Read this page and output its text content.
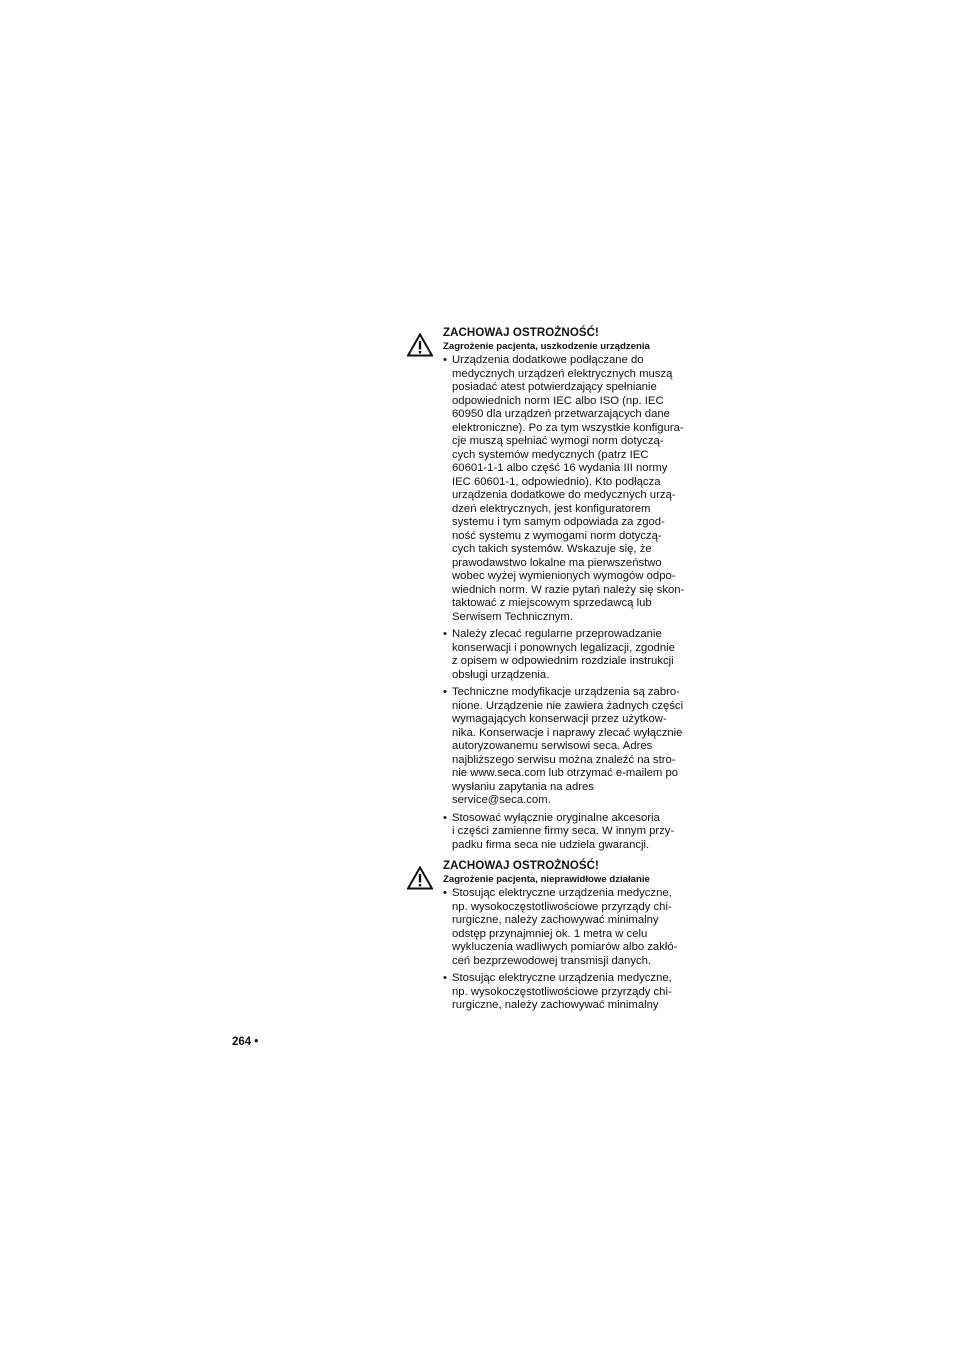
ZACHOWAJ OSTROŻNOŚĆ!
Zagrożenie pacjenta, uszkodzenie urządzenia
• Urządzenia dodatkowe podłączane do
medycznych urządzeń elektrycznych muszą
posiadać atest potwierdzający spełnianie
odpowiednich norm IEC albo ISO (np. IEC
60950 dla urządzeń przetwarzających dane
elektroniczne). Po za tym wszystkie konfigura-
cje muszą spełniać wymogi norm dotyczą-
cych systemów medycznych (patrz IEC
60601-1-1 albo część 16 wydania III normy
IEC 60601-1, odpowiednio). Kto podłącza
urządzenia dodatkowe do medycznych urzą-
dzeń elektrycznych, jest konfiguratorem
systemu i tym samym odpowiada za zgod-
ność systemu z wymogami norm dotyczą-
cych takich systemów. Wskazuje się, że
prawodawstwo lokalne ma pierwszeństwo
wobec wyżej wymienionych wymogów odpo-
wiednich norm. W razie pytań należy się skon-
taktować z miejscowym sprzedawcą lub
Serwisem Technicznym.
• Należy zlecać regularne przeprowadzanie
konserwacji i ponownych legalizacji, zgodnie
z opisem w odpowiednim rozdziale instrukcji
obsługi urządzenia.
• Techniczne modyfikacje urządzenia są zabro-
nione. Urządzenie nie zawiera żadnych części
wymagających konserwacji przez użytkow-
nika. Konserwacje i naprawy zlecać wyłącznie
autoryzowanemu serwisowi seca. Adres
najbliższego serwisu można znaleźć na stro-
nie www.seca.com lub otrzymać e-mailem po
wysłaniu zapytania na adres
service@seca.com.
• Stosować wyłącznie oryginalne akcesoria
i części zamienne firmy seca. W innym przy-
padku firma seca nie udziela gwarancji.
ZACHOWAJ OSTROŻNOŚĆ!
Zagrożenie pacjenta, nieprawidłowe działanie
• Stosując elektryczne urządzenia medyczne,
np. wysokoczęstotliwościowe przyrządy chi-
rurgiczne, należy zachowywać minimalny
odstęp przynajmniej ok. 1 metra w celu
wykluczenia wadliwych pomiarów albo zakłó-
ceń bezprzewodowej transmisji danych.
• Stosując elektryczne urządzenia medyczne,
np. wysokoczęstotliwościowe przyrządy chi-
rurgiczne, należy zachowywać minimalny
264 •
